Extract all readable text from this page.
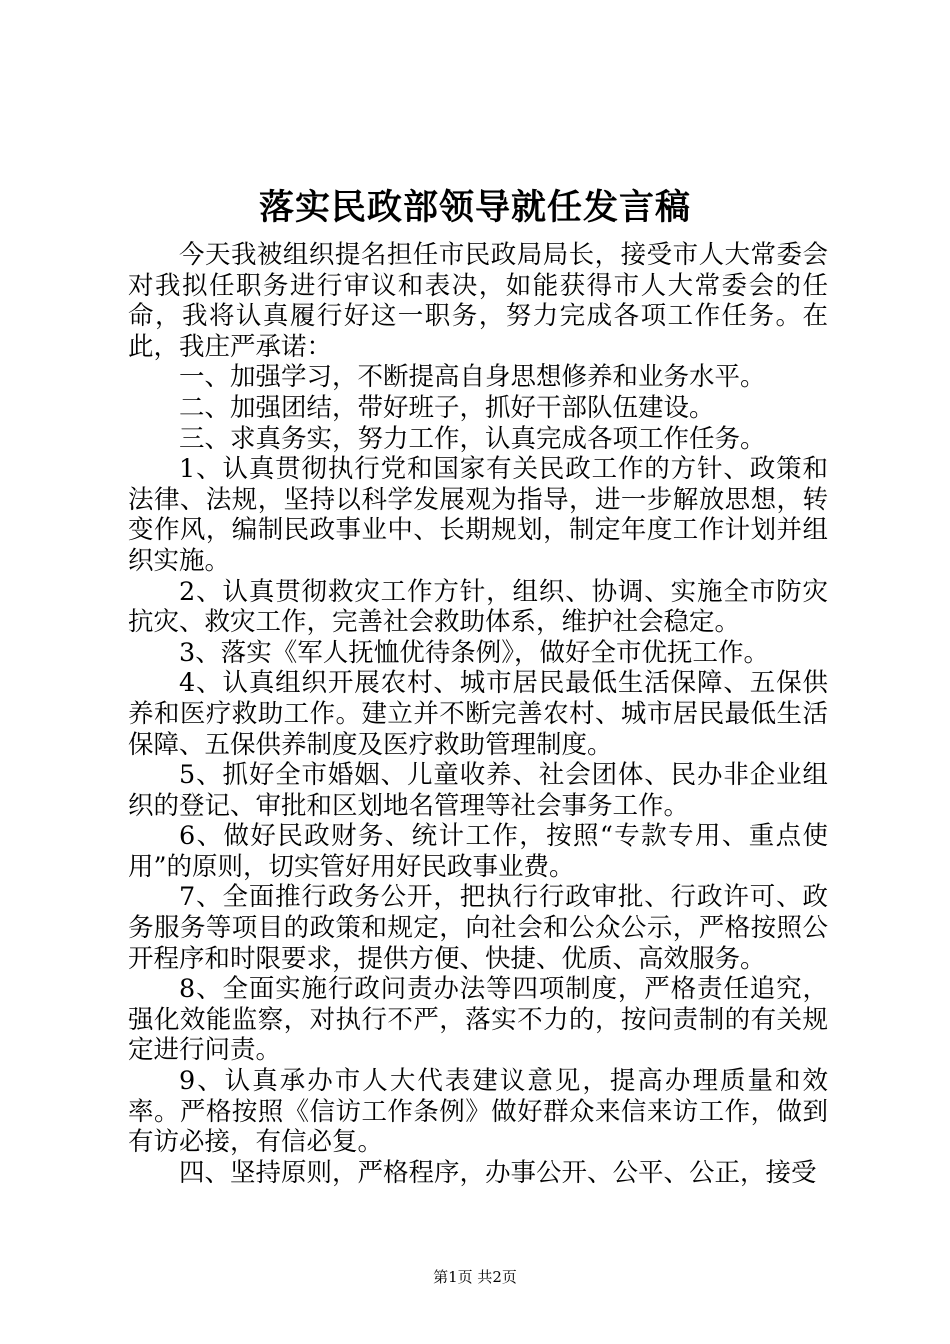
落实民政部领导就任发言稿

今天我被组织提名担任市民政局局长，接受市人大常委会对我拟任职务进行审议和表决，如能获得市人大常委会的任命，我将认真履行好这一职务，努力完成各项工作任务。在此，我庄严承诺：

一、加强学习，不断提高自身思想修养和业务水平。

二、加强团结，带好班子，抓好干部队伍建设。

三、求真务实，努力工作，认真完成各项工作任务。

1、认真贯彻执行党和国家有关民政工作的方针、政策和法律、法规，坚持以科学发展观为指导，进一步解放思想，转变作风，编制民政事业中、长期规划，制定年度工作计划并组织实施。

2、认真贯彻救灾工作方针，组织、协调、实施全市防灾抗灾、救灾工作，完善社会救助体系，维护社会稳定。

3、落实《军人抚恤优待条例》，做好全市优抚工作。

4、认真组织开展农村、城市居民最低生活保障、五保供养和医疗救助工作。建立并不断完善农村、城市居民最低生活保障、五保供养制度及医疗救助管理制度。

5、抓好全市婚姻、儿童收养、社会团体、民办非企业组织的登记、审批和区划地名管理等社会事务工作。

6、做好民政财务、统计工作，按照“专款专用、重点使用”的原则，切实管好用好民政事业费。

7、全面推行政务公开，把执行行政审批、行政许可、政务服务等项目的政策和规定，向社会和公众公示，严格按照公开程序和时限要求，提供方便、快捷、优质、高效服务。

8、全面实施行政问责办法等四项制度，严格责任追究，强化效能监察，对执行不严，落实不力的，按问责制的有关规定进行问责。

9、认真承办市人大代表建议意见，提高办理质量和效率。严格按照《信访工作条例》做好群众来信来访工作，做到有访必接，有信必复。

四、坚持原则，严格程序，办事公开、公平、公正，接受

第1页 共2页
